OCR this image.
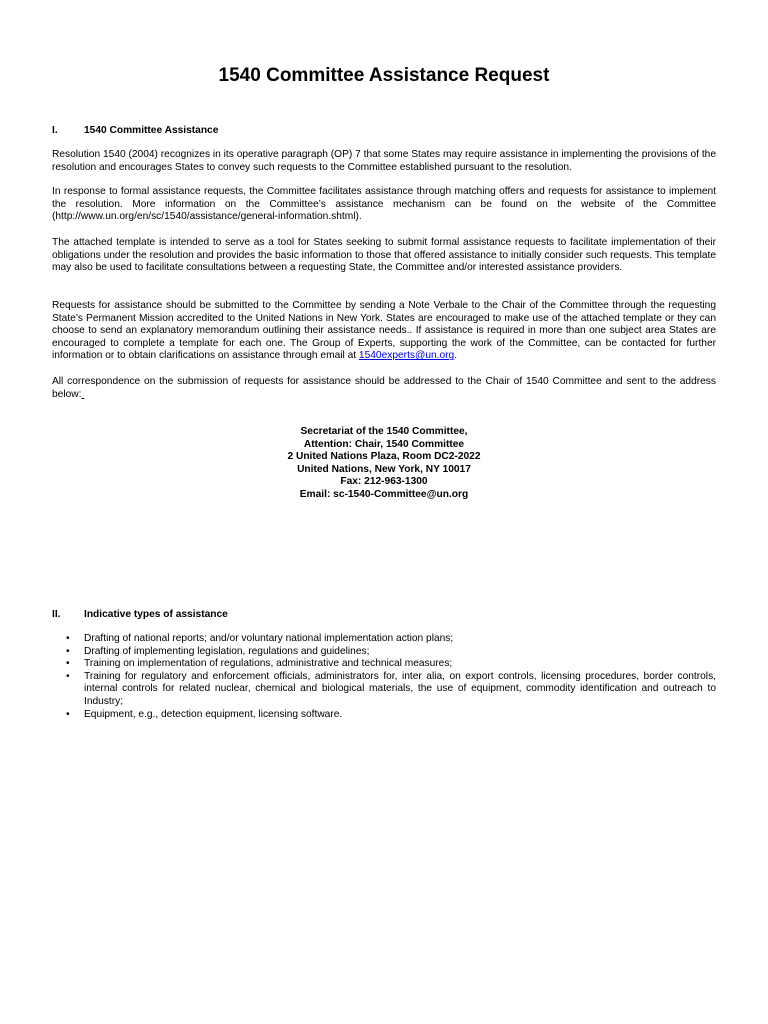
1540 Committee Assistance Request
I.	1540 Committee Assistance

Resolution 1540 (2004) recognizes in its operative paragraph (OP) 7 that some States may require assistance in implementing the provisions of the resolution and encourages States to convey such requests to the Committee established pursuant to the resolution.

In response to formal assistance requests, the Committee facilitates assistance through matching offers and requests for assistance to implement the resolution. More information on the Committee’s assistance mechanism can be found on the website of the Committee (http://www.un.org/en/sc/1540/assistance/general-information.shtml).

The attached template is intended to serve as a tool for States seeking to submit formal assistance requests to facilitate implementation of their obligations under the resolution and provides the basic information to those that offered assistance to initially consider such requests. This template may also be used to facilitate consultations between a requesting State, the Committee and/or interested assistance providers.

Requests for assistance should be submitted to the Committee by sending a Note Verbale to the Chair of the Committee through the requesting State’s Permanent Mission accredited to the United Nations in New York. States are encouraged to make use of the attached template or they can choose to send an explanatory memorandum outlining their assistance needs.. If assistance is required in more than one subject area States are encouraged to complete a template for each one. The Group of Experts, supporting the work of the Committee, can be contacted for further information or to obtain clarifications on assistance through email at 1540experts@un.org.

All correspondence on the submission of requests for assistance should be addressed to the Chair of 1540 Committee and sent to the address below:

Secretariat of the 1540 Committee,
Attention: Chair, 1540 Committee
2 United Nations Plaza, Room DC2-2022
United Nations, New York, NY 10017
Fax: 212-963-1300
Email: sc-1540-Committee@un.org
II. Indicative types of assistance
• Drafting of national reports; and/or voluntary national implementation action plans;
• Drafting of implementing legislation, regulations and guidelines;
• Training on implementation of regulations, administrative and technical measures;
• Training for regulatory and enforcement officials, administrators for, inter alia, on export controls, licensing procedures, border controls, internal controls for related nuclear, chemical and biological materials, the use of equipment, commodity identification and outreach to Industry;
• Equipment, e.g., detection equipment, licensing software.
